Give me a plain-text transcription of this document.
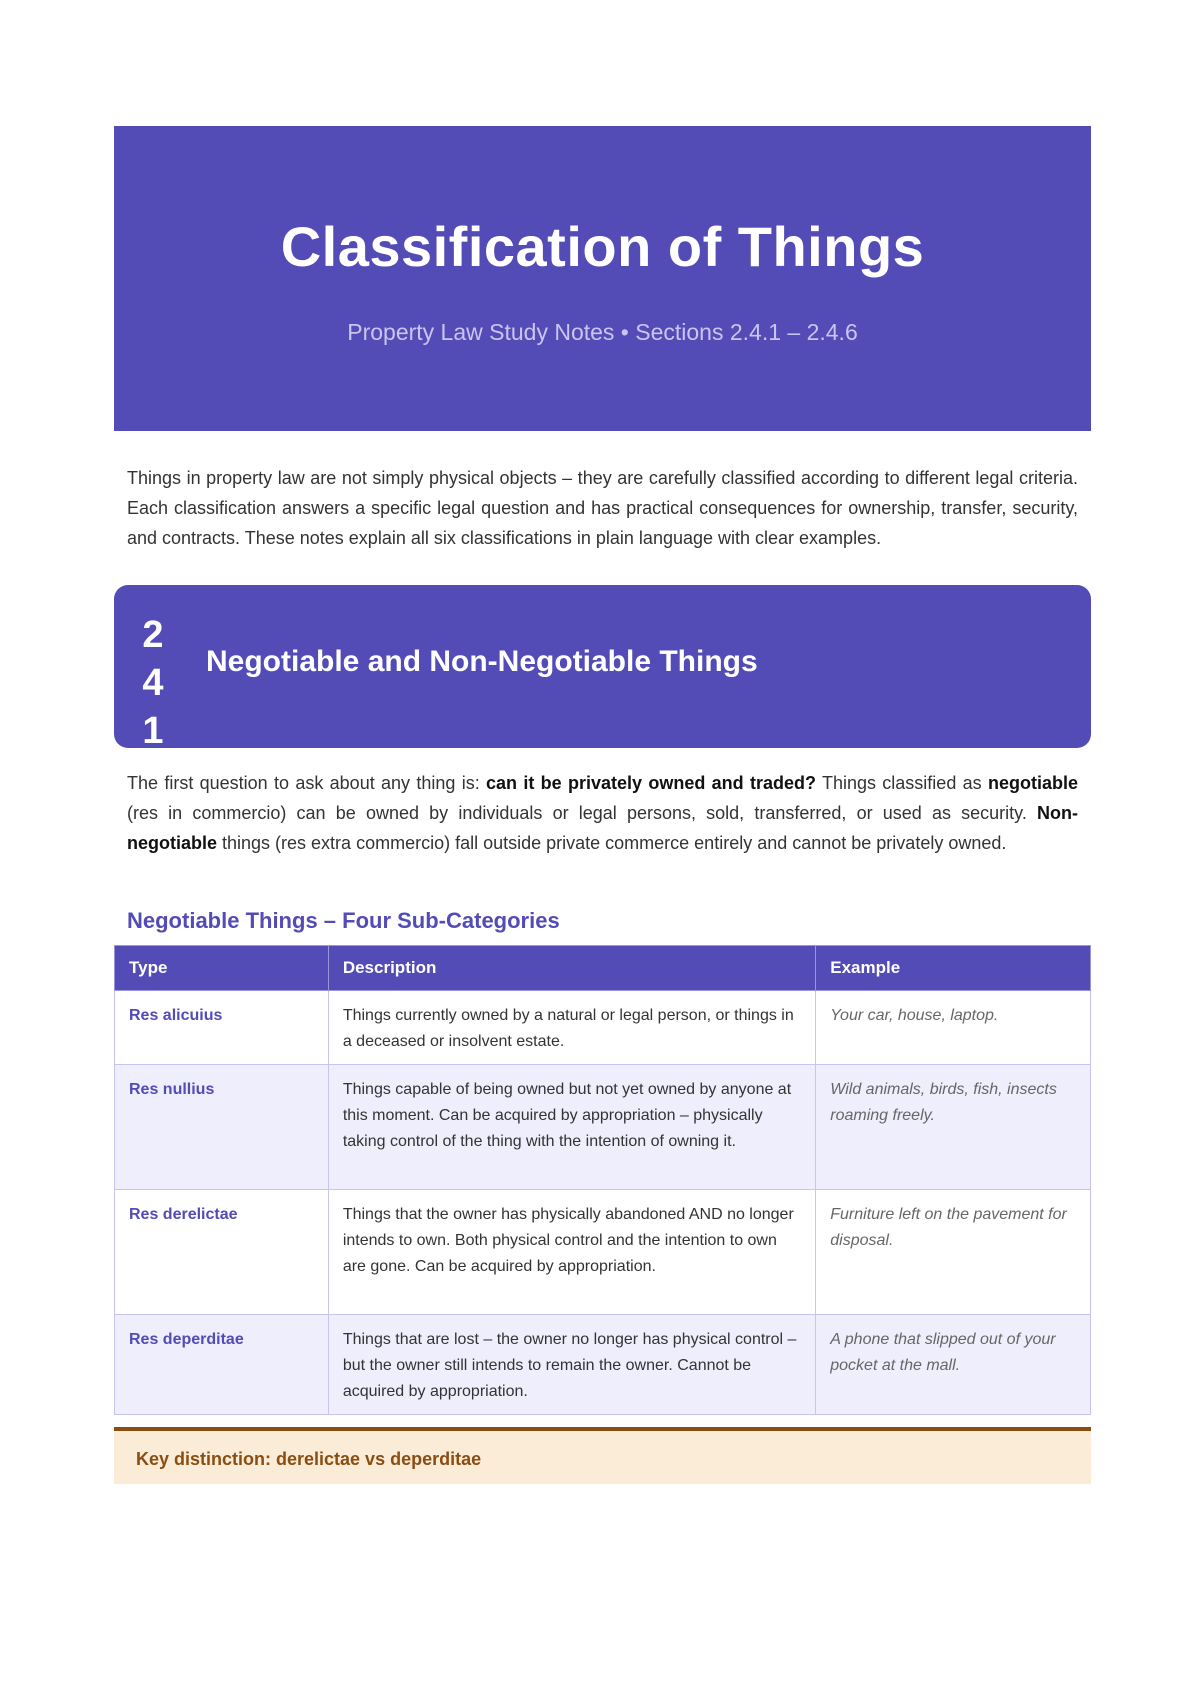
Classification of Things
Property Law Study Notes • Sections 2.4.1 – 2.4.6

Things in property law are not simply physical objects – they are carefully classified according to different legal criteria. Each classification answers a specific legal question and has practical consequences for ownership, transfer, security, and contracts. These notes explain all six classifications in plain language with clear examples.

2
4
1
Negotiable and Non-Negotiable Things

The first question to ask about any thing is: can it be privately owned and traded? Things classified as negotiable (res in commercio) can be owned by individuals or legal persons, sold, transferred, or used as security. Non-negotiable things (res extra commercio) fall outside private commerce entirely and cannot be privately owned.

Negotiable Things – Four Sub-Categories
Type	Description	Example
Res alicuius	Things currently owned by a natural or legal person, or things in a deceased or insolvent estate.	Your car, house, laptop.
Res nullius	Things capable of being owned but not yet owned by anyone at this moment. Can be acquired by appropriation – physically taking control of the thing with the intention of owning it.	Wild animals, birds, fish, insects roaming freely.
Res derelictae	Things that the owner has physically abandoned AND no longer intends to own. Both physical control and the intention to own are gone. Can be acquired by appropriation.	Furniture left on the pavement for disposal.
Res deperditae	Things that are lost – the owner no longer has physical control – but the owner still intends to remain the owner. Cannot be acquired by appropriation.	A phone that slipped out of your pocket at the mall.
Key distinction: derelictae vs deperditae
